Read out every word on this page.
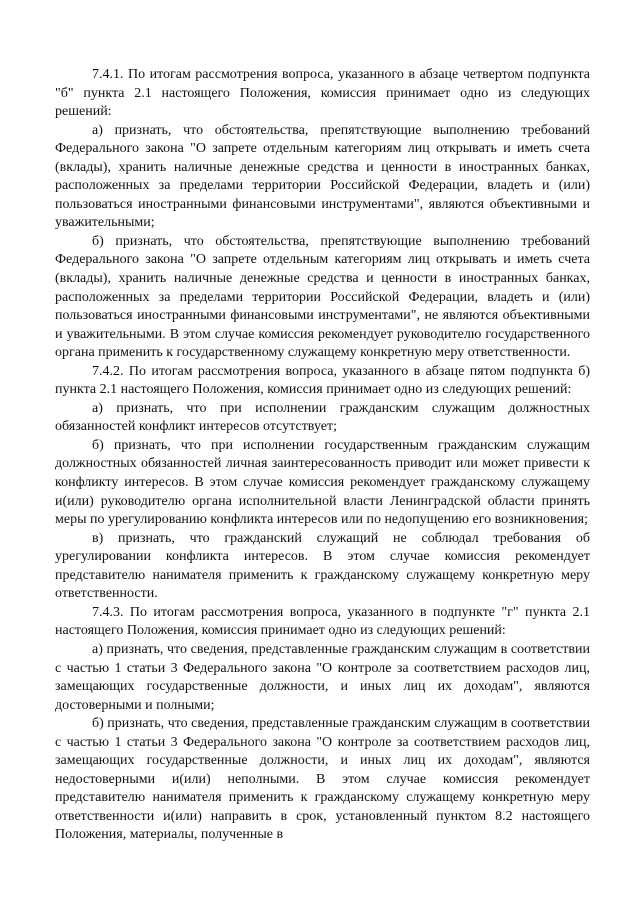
7.4.1. По итогам рассмотрения вопроса, указанного в абзаце четвертом подпункта "б" пункта 2.1 настоящего Положения, комиссия принимает одно из следующих решений:

а) признать, что обстоятельства, препятствующие выполнению требований Федерального закона "О запрете отдельным категориям лиц открывать и иметь счета (вклады), хранить наличные денежные средства и ценности в иностранных банках, расположенных за пределами территории Российской Федерации, владеть и (или) пользоваться иностранными финансовыми инструментами", являются объективными и уважительными;

б) признать, что обстоятельства, препятствующие выполнению требований Федерального закона "О запрете отдельным категориям лиц открывать и иметь счета (вклады), хранить наличные денежные средства и ценности в иностранных банках, расположенных за пределами территории Российской Федерации, владеть и (или) пользоваться иностранными финансовыми инструментами", не являются объективными и уважительными. В этом случае комиссия рекомендует руководителю государственного органа применить к государственному служащему конкретную меру ответственности.

7.4.2. По итогам рассмотрения вопроса, указанного в абзаце пятом подпункта б) пункта 2.1 настоящего Положения, комиссия принимает одно из следующих решений:

а) признать, что при исполнении гражданским служащим должностных обязанностей конфликт интересов отсутствует;

б) признать, что при исполнении государственным гражданским служащим должностных обязанностей личная заинтересованность приводит или может привести к конфликту интересов. В этом случае комиссия рекомендует гражданскому служащему и(или) руководителю органа исполнительной власти Ленинградской области принять меры по урегулированию конфликта интересов или по недопущению его возникновения;

в) признать, что гражданский служащий не соблюдал требования об урегулировании конфликта интересов. В этом случае комиссия рекомендует представителю нанимателя применить к гражданскому служащему конкретную меру ответственности.

7.4.3. По итогам рассмотрения вопроса, указанного в подпункте "г" пункта 2.1 настоящего Положения, комиссия принимает одно из следующих решений:

а) признать, что сведения, представленные гражданским служащим в соответствии с частью 1 статьи 3 Федерального закона "О контроле за соответствием расходов лиц, замещающих государственные должности, и иных лиц их доходам", являются достоверными и полными;

б) признать, что сведения, представленные гражданским служащим в соответствии с частью 1 статьи 3 Федерального закона "О контроле за соответствием расходов лиц, замещающих государственные должности, и иных лиц их доходам", являются недостоверными и(или) неполными. В этом случае комиссия рекомендует представителю нанимателя применить к гражданскому служащему конкретную меру ответственности и(или) направить в срок, установленный пунктом 8.2 настоящего Положения, материалы, полученные в
